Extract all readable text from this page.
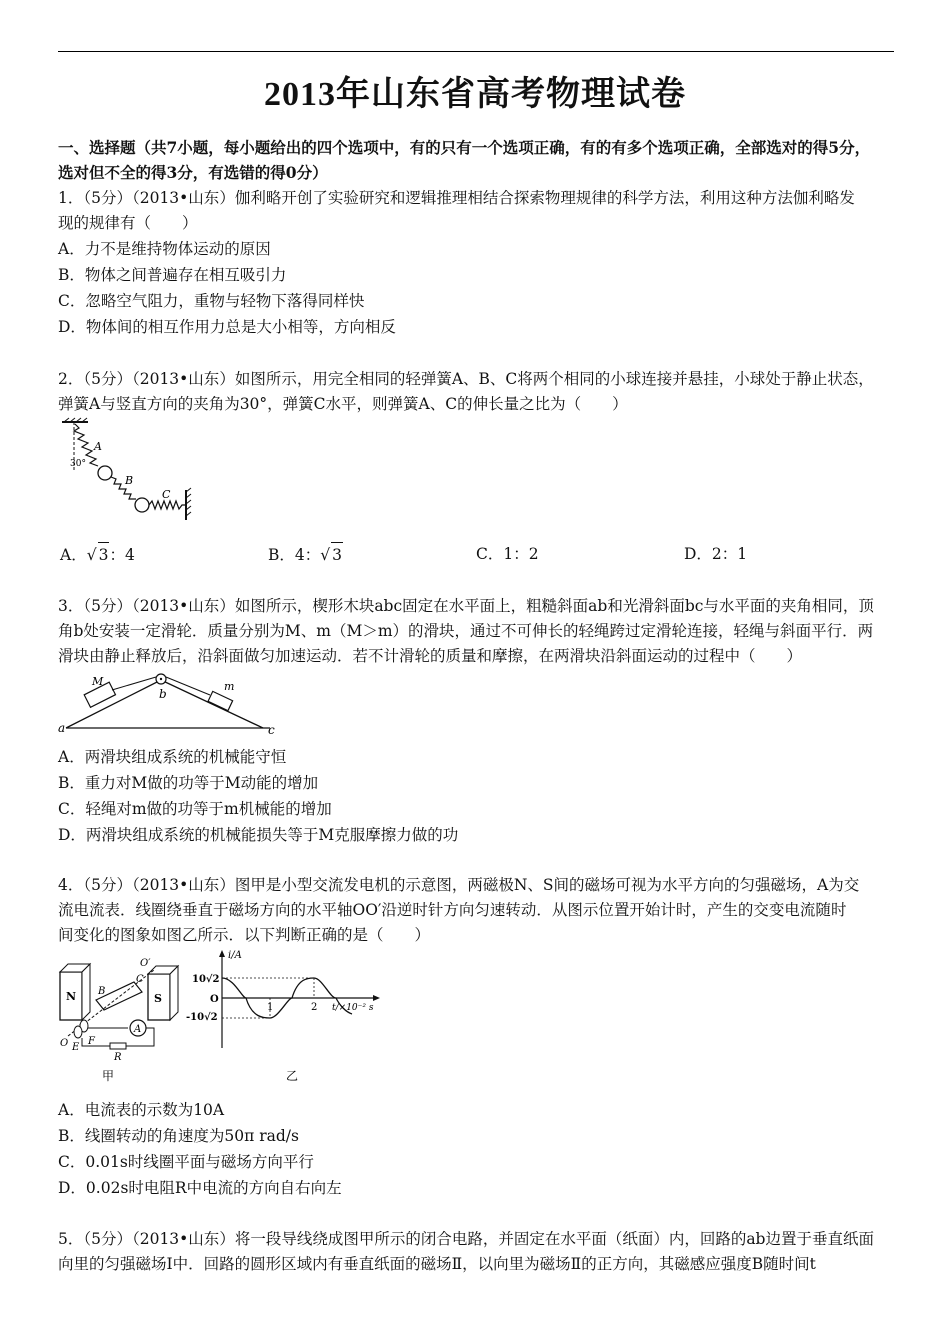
2013年山东省高考物理试卷
一、选择题（共7小题，每小题给出的四个选项中，有的只有一个选项正确，有的有多个选项正确，全部选对的得5分，
选对但不全的得3分，有选错的得0分）
1．（5分）（2013•山东）伽利略开创了实验研究和逻辑推理相结合探索物理规律的科学方法，利用这种方法伽利略发
现的规律有（　　）
A．力不是维持物体运动的原因
B．物体之间普遍存在相互吸引力
C．忽略空气阻力，重物与轻物下落得同样快
D．物体间的相互作用力总是大小相等，方向相反
2．（5分）（2013•山东）如图所示，用完全相同的轻弹簧A、B、C将两个相同的小球连接并悬挂，小球处于静止状态，
弹簧A与竖直方向的夹角为30°，弹簧C水平，则弹簧A、C的伸长量之比为（　　）
A
B
C
30°
A．√ 3：4	B．4：√ 3	C．1：2	D．2：1
3．（5分）（2013•山东）如图所示，楔形木块abc固定在水平面上，粗糙斜面ab和光滑斜面bc与水平面的夹角相同，顶
角b处安装一定滑轮．质量分别为M、m（M＞m）的滑块，通过不可伸长的轻绳跨过定滑轮连接，轻绳与斜面平行．两
滑块由静止释放后，沿斜面做匀加速运动．若不计滑轮的质量和摩擦，在两滑块沿斜面运动的过程中（　　）
a
b
c
M	m
A．两滑块组成系统的机械能守恒
B．重力对M做的功等于M动能的增加
C．轻绳对m做的功等于m机械能的增加
D．两滑块组成系统的机械能损失等于M克服摩擦力做的功
4．（5分）（2013•山东）图甲是小型交流发电机的示意图，两磁极N、S间的磁场可视为水平方向的匀强磁场，A为交
流电流表．线圈绕垂直于磁场方向的水平轴OO′沿逆时针方向匀速转动．从图示位置开始计时，产生的交变电流随时
间变化的图象如图乙所示．以下判断正确的是（　　）
N	S
O′
O
B
C
E
F
A
R
甲
i/A
10√2
-10√2
O
1	2 t/×10⁻² s
乙
A．电流表的示数为10A
B．线圈转动的角速度为50π rad/s
C．0.01s时线圈平面与磁场方向平行
D．0.02s时电阻R中电流的方向自右向左
5．（5分）（2013•山东）将一段导线绕成图甲所示的闭合电路，并固定在水平面（纸面）内，回路的ab边置于垂直纸面
向里的匀强磁场Ⅰ中．回路的圆形区域内有垂直纸面的磁场Ⅱ，以向里为磁场Ⅱ的正方向，其磁感应强度B随时间t
